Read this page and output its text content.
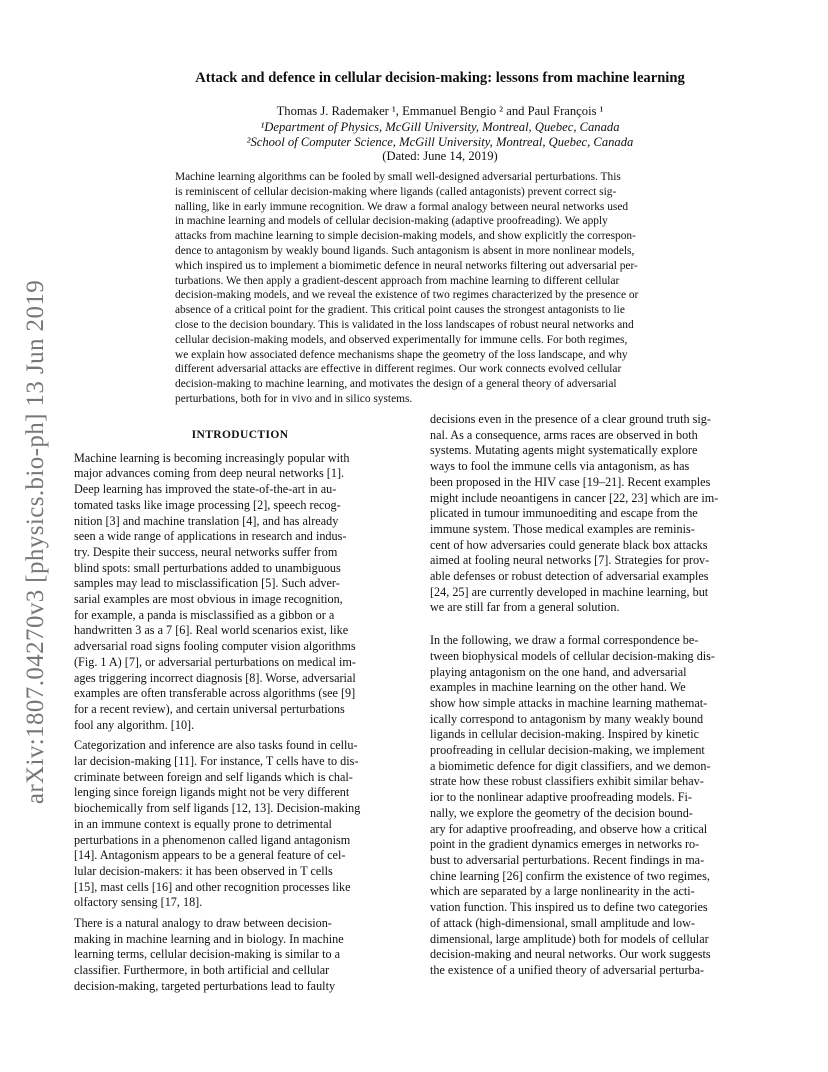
arXiv:1807.04270v3 [physics.bio-ph] 13 Jun 2019
Attack and defence in cellular decision-making: lessons from machine learning

Thomas J. Rademaker ¹, Emmanuel Bengio ² and Paul François ¹

¹Department of Physics, McGill University, Montreal, Quebec, Canada

²School of Computer Science, McGill University, Montreal, Quebec, Canada

(Dated: June 14, 2019)

Machine learning algorithms can be fooled by small well-designed adversarial perturbations. This
is reminiscent of cellular decision-making where ligands (called antagonists) prevent correct sig-
nalling, like in early immune recognition. We draw a formal analogy between neural networks used
in machine learning and models of cellular decision-making (adaptive proofreading). We apply
attacks from machine learning to simple decision-making models, and show explicitly the correspon-
dence to antagonism by weakly bound ligands. Such antagonism is absent in more nonlinear models,
which inspired us to implement a biomimetic defence in neural networks filtering out adversarial per-
turbations. We then apply a gradient-descent approach from machine learning to different cellular
decision-making models, and we reveal the existence of two regimes characterized by the presence or
absence of a critical point for the gradient. This critical point causes the strongest antagonists to lie
close to the decision boundary. This is validated in the loss landscapes of robust neural networks and
cellular decision-making models, and observed experimentally for immune cells. For both regimes,
we explain how associated defence mechanisms shape the geometry of the loss landscape, and why
different adversarial attacks are effective in different regimes. Our work connects evolved cellular
decision-making to machine learning, and motivates the design of a general theory of adversarial
perturbations, both for in vivo and in silico systems.
INTRODUCTION
Machine learning is becoming increasingly popular with
major advances coming from deep neural networks [1].
Deep learning has improved the state-of-the-art in au-
tomated tasks like image processing [2], speech recog-
nition [3] and machine translation [4], and has already
seen a wide range of applications in research and indus-
try. Despite their success, neural networks suffer from
blind spots: small perturbations added to unambiguous
samples may lead to misclassification [5]. Such adver-
sarial examples are most obvious in image recognition,
for example, a panda is misclassified as a gibbon or a
handwritten 3 as a 7 [6]. Real world scenarios exist, like
adversarial road signs fooling computer vision algorithms
(Fig. 1 A) [7], or adversarial perturbations on medical im-
ages triggering incorrect diagnosis [8]. Worse, adversarial
examples are often transferable across algorithms (see [9]
for a recent review), and certain universal perturbations
fool any algorithm. [10].
Categorization and inference are also tasks found in cellu-
lar decision-making [11]. For instance, T cells have to dis-
criminate between foreign and self ligands which is chal-
lenging since foreign ligands might not be very different
biochemically from self ligands [12, 13]. Decision-making
in an immune context is equally prone to detrimental
perturbations in a phenomenon called ligand antagonism
[14]. Antagonism appears to be a general feature of cel-
lular decision-makers: it has been observed in T cells
[15], mast cells [16] and other recognition processes like
olfactory sensing [17, 18].
There is a natural analogy to draw between decision-
making in machine learning and in biology. In machine
learning terms, cellular decision-making is similar to a
classifier. Furthermore, in both artificial and cellular
decision-making, targeted perturbations lead to faulty
decisions even in the presence of a clear ground truth sig-
nal. As a consequence, arms races are observed in both
systems. Mutating agents might systematically explore
ways to fool the immune cells via antagonism, as has
been proposed in the HIV case [19–21]. Recent examples
might include neoantigens in cancer [22, 23] which are im-
plicated in tumour immunoediting and escape from the
immune system. Those medical examples are reminis-
cent of how adversaries could generate black box attacks
aimed at fooling neural networks [7]. Strategies for prov-
able defenses or robust detection of adversarial examples
[24, 25] are currently developed in machine learning, but
we are still far from a general solution.
In the following, we draw a formal correspondence be-
tween biophysical models of cellular decision-making dis-
playing antagonism on the one hand, and adversarial
examples in machine learning on the other hand. We
show how simple attacks in machine learning mathemat-
ically correspond to antagonism by many weakly bound
ligands in cellular decision-making. Inspired by kinetic
proofreading in cellular decision-making, we implement
a biomimetic defence for digit classifiers, and we demon-
strate how these robust classifiers exhibit similar behav-
ior to the nonlinear adaptive proofreading models. Fi-
nally, we explore the geometry of the decision bound-
ary for adaptive proofreading, and observe how a critical
point in the gradient dynamics emerges in networks ro-
bust to adversarial perturbations. Recent findings in ma-
chine learning [26] confirm the existence of two regimes,
which are separated by a large nonlinearity in the acti-
vation function. This inspired us to define two categories
of attack (high-dimensional, small amplitude and low-
dimensional, large amplitude) both for models of cellular
decision-making and neural networks. Our work suggests
the existence of a unified theory of adversarial perturba-
